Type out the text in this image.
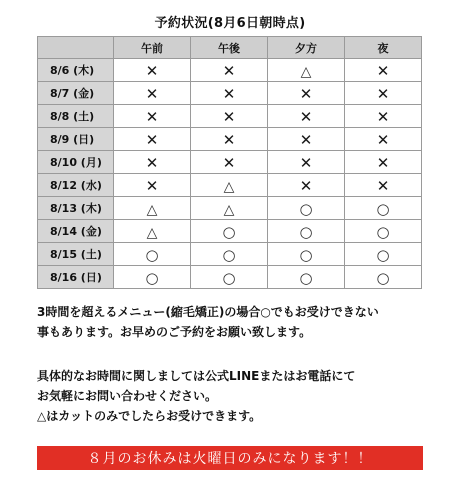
予約状況(8月6日朝時点)
	午前	午後	夕方	夜
8/6 (木)	✕	✕	△	✕
8/7 (金)	✕	✕	✕	✕
8/8 (土)	✕	✕	✕	✕
8/9 (日)	✕	✕	✕	✕
8/10 (月)	✕	✕	✕	✕
8/12 (水)	✕	△	✕	✕
8/13 (木)	△	△	○	○
8/14 (金)	△	○	○	○
8/15 (土)	○	○	○	○
8/16 (日)	○	○	○	○

3時間を超えるメニュー(縮毛矯正)の場合○でもお受けできない

事もあります。お早めのご予約をお願い致します。

具体的なお時間に関しましては公式LINEまたはお電話にて

お気軽にお問い合わせください。

△はカットのみでしたらお受けできます。

８月のお休みは火曜日のみになります！！
